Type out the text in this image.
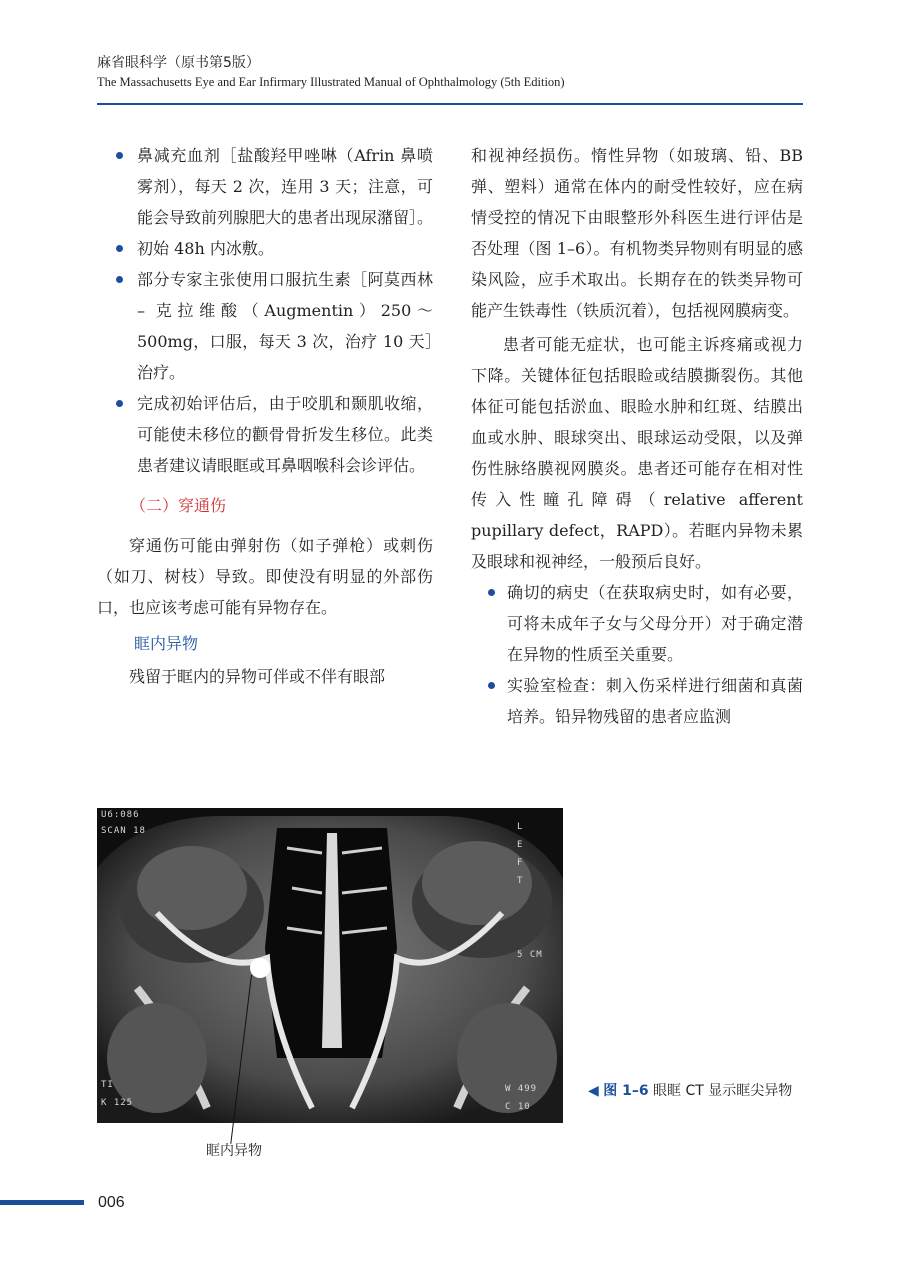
麻省眼科学（原书第5版）
The Massachusetts Eye and Ear Infirmary Illustrated Manual of Ophthalmology (5th Edition)

鼻减充血剂［盐酸羟甲唑啉（Afrin 鼻喷雾剂），每天 2 次，连用 3 天；注意，可能会导致前列腺肥大的患者出现尿潴留］。

初始 48h 内冰敷。

部分专家主张使用口服抗生素［阿莫西林 – 克拉维酸（Augmentin）250～500mg，口服，每天 3 次，治疗 10 天］治疗。

完成初始评估后，由于咬肌和颞肌收缩，可能使未移位的颧骨骨折发生移位。此类患者建议请眼眶或耳鼻咽喉科会诊评估。

（二）穿通伤

穿通伤可能由弹射伤（如子弹枪）或刺伤（如刀、树枝）导致。即使没有明显的外部伤口，也应该考虑可能有异物存在。

眶内异物

残留于眶内的异物可伴或不伴有眼部

和视神经损伤。惰性异物（如玻璃、铅、BB 弹、塑料）通常在体内的耐受性较好，应在病情受控的情况下由眼整形外科医生进行评估是否处理（图 1–6）。有机物类异物则有明显的感染风险，应手术取出。长期存在的铁类异物可能产生铁毒性（铁质沉着），包括视网膜病变。

患者可能无症状，也可能主诉疼痛或视力下降。关键体征包括眼睑或结膜撕裂伤。其他体征可能包括淤血、眼睑水肿和红斑、结膜出血或水肿、眼球突出、眼球运动受限，以及弹伤性脉络膜视网膜炎。患者还可能存在相对性传入性瞳孔障碍（relative afferent pupillary defect，RAPD）。若眶内异物未累及眼球和视神经，一般预后良好。

确切的病史（在获取病史时，如有必要，可将未成年子女与父母分开）对于确定潜在异物的性质至关重要。

实验室检查：刺入伤采样进行细菌和真菌培养。铅异物残留的患者应监测

U6:086
SCAN 18	L E F T
5 CM
TI
K 125
W 499
C 10
眶内异物
◀ 图 1–6 眼眶 CT 显示眶尖异物
006
